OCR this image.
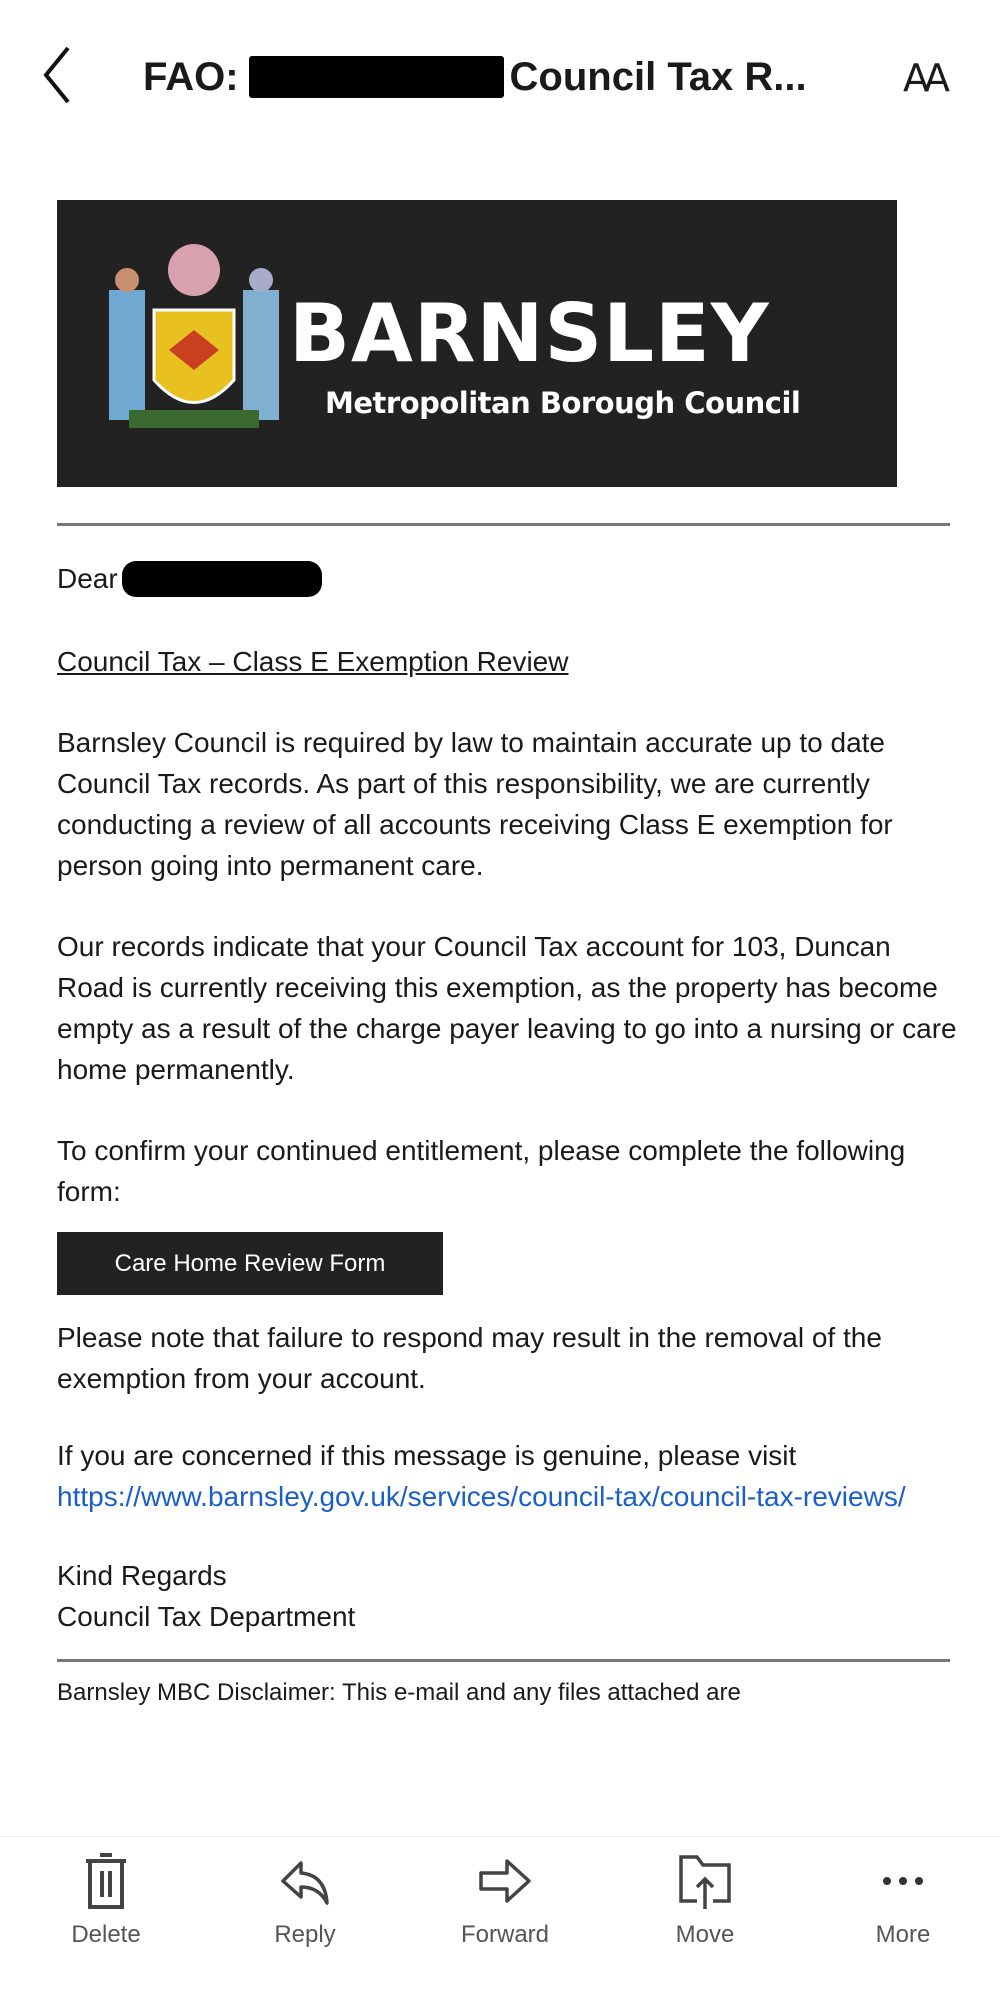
FAO:	Council Tax R...	AA
BARNSLEY
Metropolitan Borough Council
Dear
Council Tax – Class E Exemption Review
Barnsley Council is required by law to maintain accurate up to date Council Tax records. As part of this responsibility, we are currently conducting a review of all accounts receiving Class E exemption for person going into permanent care.
Our records indicate that your Council Tax account for 103, Duncan Road is currently receiving this exemption, as the property has become empty as a result of the charge payer leaving to go into a nursing or care home permanently.
To confirm your continued entitlement, please complete the following form:
Care Home Review Form
Please note that failure to respond may result in the removal of the exemption from your account.
If you are concerned if this message is genuine, please visit
https://www.barnsley.gov.uk/services/council-tax/council-tax-reviews/
Kind Regards
Council Tax Department
Barnsley MBC Disclaimer: This e-mail and any files attached are
Delete	Reply	Forward	Move	More
